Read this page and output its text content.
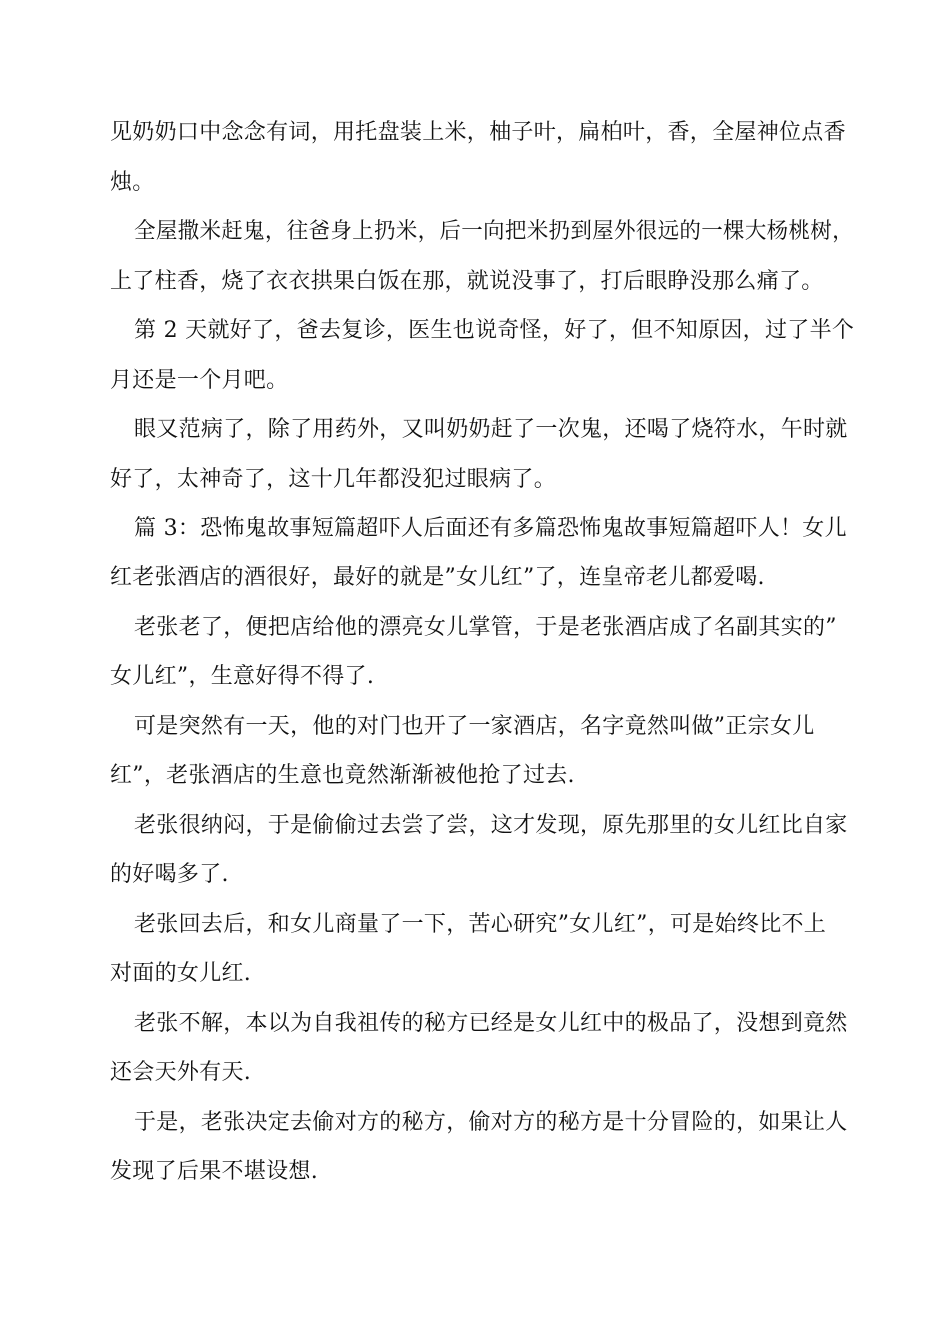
见奶奶口中念念有词，用托盘装上米，柚子叶，扁柏叶，香，全屋神位点香
烛。
全屋撒米赶鬼，往爸身上扔米，后一向把米扔到屋外很远的一棵大杨桃树，
上了柱香，烧了衣衣拱果白饭在那，就说没事了，打后眼睁没那么痛了。
第 2 天就好了，爸去复诊，医生也说奇怪，好了，但不知原因，过了半个
月还是一个月吧。
眼又范病了，除了用药外，又叫奶奶赶了一次鬼，还喝了烧符水，午时就
好了，太神奇了，这十几年都没犯过眼病了。
篇 3：恐怖鬼故事短篇超吓人后面还有多篇恐怖鬼故事短篇超吓人！女儿
红老张酒店的酒很好，最好的就是”女儿红”了，连皇帝老儿都爱喝.
老张老了，便把店给他的漂亮女儿掌管，于是老张酒店成了名副其实的”
女儿红”，生意好得不得了.
可是突然有一天，他的对门也开了一家酒店，名字竟然叫做”正宗女儿
红”，老张酒店的生意也竟然渐渐被他抢了过去.
老张很纳闷，于是偷偷过去尝了尝，这才发现，原先那里的女儿红比自家
的好喝多了.
老张回去后，和女儿商量了一下，苦心研究”女儿红”，可是始终比不上
对面的女儿红.
老张不解，本以为自我祖传的秘方已经是女儿红中的极品了，没想到竟然
还会天外有天.
于是，老张决定去偷对方的秘方，偷对方的秘方是十分冒险的，如果让人
发现了后果不堪设想.
